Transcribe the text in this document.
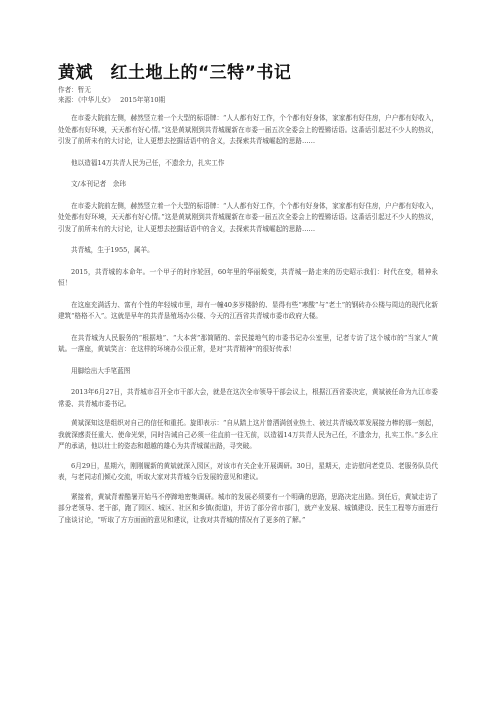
黄斌　红土地上的“三特”书记
作者：暂无
来源：《中华儿女》 2015年第10期

在市委大院前左侧，赫然竖立着一个大型的标语牌：“人人都有好工作，个个都有好身体，家家都有好住房，户户都有好收入，处处都有好环境，天天都有好心情。”这是黄斌刚到共青城履新在市委一届五次全委会上的铿锵话语。这番话引起过不少人的热议，引发了前所未有的大讨论，让人更想去挖掘话语中的含义，去探索共青城崛起的思路……

他以造福14万共青人民为己任，不遗余力，扎实工作

文/本刊记者　余玮

在市委大院前左侧，赫然竖立着一个大型的标语牌：“人人都有好工作，个个都有好身体，家家都有好住房，户户都有好收入，处处都有好环境，天天都有好心情。”这是黄斌刚到共青城履新在市委一届五次全委会上的铿锵话语。这番话引起过不少人的热议，引发了前所未有的大讨论，让人更想去挖掘话语中的含义，去探索共青城崛起的思路……

共青城，生于1955，属羊。

2015，共青城的本命年。一个甲子的时序轮回，60年里的华丽蜕变，共青城一路走来的历史昭示我们：时代在变，精神永恒！

在这座充满活力、富有个性的年轻城市里，却有一幢40多岁楼龄的、显得有些“寒酸”与“老土”的钢砖办公楼与周边的现代化新建筑“格格不入”。这就是早年的共青垦殖场办公楼、今天的江西省共青城市委市政府大楼。

在共青城为人民服务的“根据地”、“大本营”那简陋的、亲民接地气的市委书记办公室里，记者专访了这个城市的“当家人”黄斌。一落座，黄斌笑言：在这样的环境办公很正常，是对“共青精神”的很好传承！

用脚绘出大手笔蓝图

2013年6月27日，共青城市召开全市干部大会，就是在这次全市领导干部会议上，根据江西省委决定，黄斌被任命为九江市委常委、共青城市委书记。

黄斌深知这是组织对自己的信任和重托。旋即表示：“自从踏上这片曾洒满创业热土、被过共青城改革发展接力棒的那一刻起，我就深感责任重大、使命光荣，同时告诫自己必须一往直前一往无前，以造福14万共青人民为己任，不遗余力，扎实工作。”多么庄严的承诺，他以壮士的姿态和超越的雄心为共青城谋出路，寻突破。

6月29日，星期六，刚刚履新的黄斌就深入园区，对该市有关企业开展调研。30日，星期天，走访慰问老党员、老服务队员代表，与老同志们倾心交流，听取大家对共青城今后发展的意见和建议。

紧接着，黄斌背着酷暑开始马不停蹄地密集调研。城市的发展必须要有一个明确的思路，思路决定出路。到任后，黄斌走访了部分老领导、老干部，跑了园区、城区、社区和乡镇(街道)，并访了部分省市部门，就产业发展、城镇建设、民生工程等方面进行了座谈讨论，“听取了方方面面的意见和建议，让我对共青城的情况有了更多的了解。”
